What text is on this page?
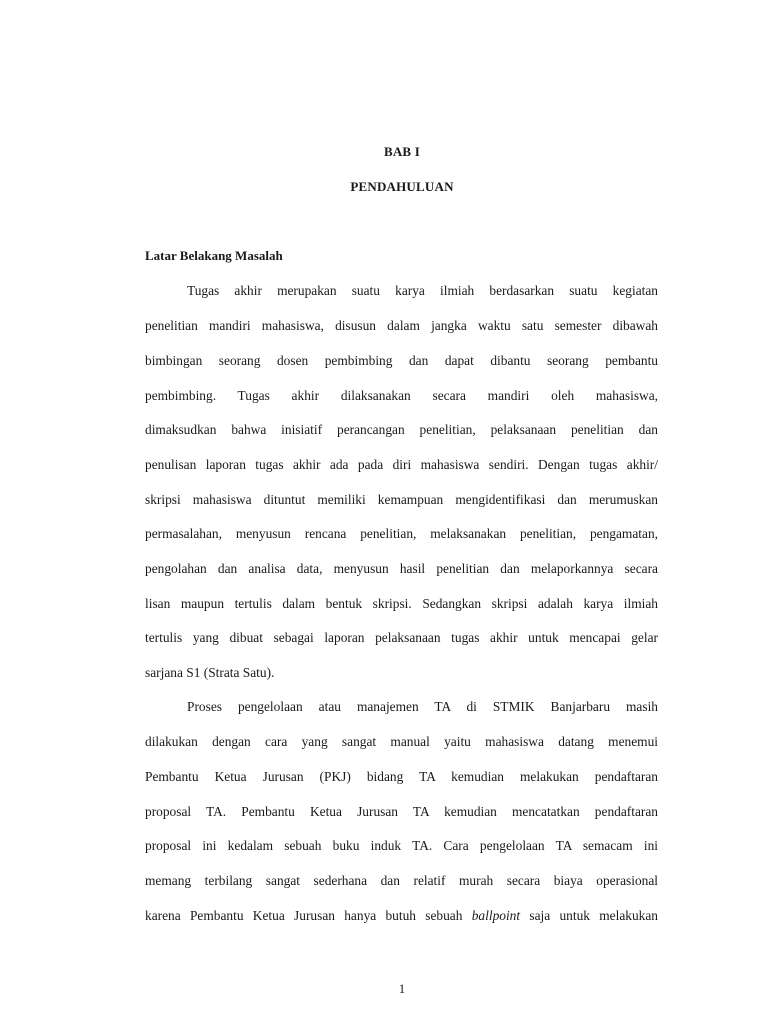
BAB I
PENDAHULUAN
Latar Belakang Masalah
Tugas akhir merupakan suatu karya ilmiah berdasarkan suatu kegiatan
penelitian mandiri mahasiswa, disusun dalam jangka waktu satu semester dibawah
bimbingan seorang dosen pembimbing dan dapat dibantu seorang pembantu
pembimbing. Tugas akhir dilaksanakan secara mandiri oleh mahasiswa,
dimaksudkan bahwa inisiatif perancangan penelitian, pelaksanaan penelitian dan
penulisan laporan tugas akhir ada pada diri mahasiswa sendiri. Dengan tugas akhir/
skripsi mahasiswa dituntut memiliki kemampuan mengidentifikasi dan merumuskan
permasalahan, menyusun rencana penelitian, melaksanakan penelitian, pengamatan,
pengolahan dan analisa data, menyusun hasil penelitian dan melaporkannya secara
lisan maupun tertulis dalam bentuk skripsi. Sedangkan skripsi adalah karya ilmiah
tertulis yang dibuat sebagai laporan pelaksanaan tugas akhir untuk mencapai gelar
sarjana S1 (Strata Satu).
Proses pengelolaan atau manajemen TA di STMIK Banjarbaru masih
dilakukan dengan cara yang sangat manual yaitu mahasiswa datang menemui
Pembantu Ketua Jurusan (PKJ) bidang TA kemudian melakukan pendaftaran
proposal TA. Pembantu Ketua Jurusan TA kemudian mencatatkan pendaftaran
proposal ini kedalam sebuah buku induk TA. Cara pengelolaan TA semacam ini
memang terbilang sangat sederhana dan relatif murah secara biaya operasional
karena Pembantu Ketua Jurusan hanya butuh sebuah ballpoint saja untuk melakukan
1
